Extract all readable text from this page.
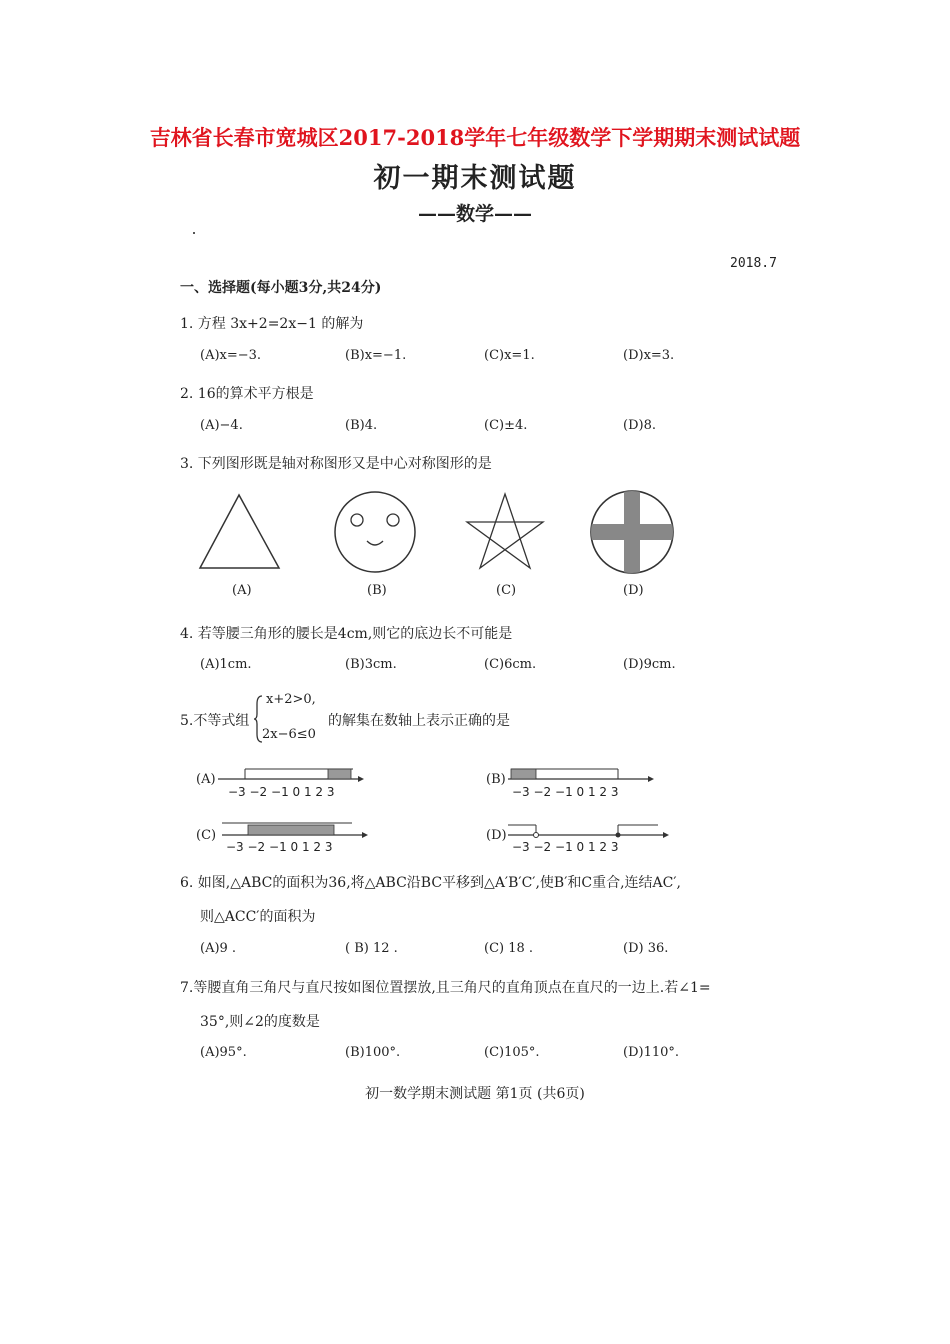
吉林省长春市宽城区2017-2018学年七年级数学下学期期末测试试题
初一期末测试题
——数学——
2018.7
一、选择题(每小题3分,共24分)
1. 方程 3x+2=2x−1 的解为
(A)x=−3.	(B)x=−1.	(C)x=1.	(D)x=3.
2. 16的算术平方根是
(A)−4.	(B)4.	(C)±4.	(D)8.
3. 下列图形既是轴对称图形又是中心对称图形的是
(A)	(B)	(C)	(D)
4. 若等腰三角形的腰长是4cm,则它的底边长不可能是
(A)1cm.	(B)3cm.	(C)6cm.	(D)9cm.
5.不等式组
x+2>0,
2x−6≤0
的解集在数轴上表示正确的是
(A)
−3 −2 −1 0 1 2 3
(B)
−3 −2 −1 0 1 2 3
(C)
−3 −2 −1 0 1 2 3
(D)
−3 −2 −1 0 1 2 3
6. 如图,△ABC的面积为36,将△ABC沿BC平移到△A′B′C′,使B′和C重合,连结AC′,
则△ACC′的面积为
(A)9 .	( B) 12 .	(C) 18 .	(D) 36.
7.等腰直角三角尺与直尺按如图位置摆放,且三角尺的直角顶点在直尺的一边上.若∠1=
35°,则∠2的度数是
(A)95°.	(B)100°.	(C)105°.	(D)110°.
初一数学期末测试题 第1页 (共6页)
